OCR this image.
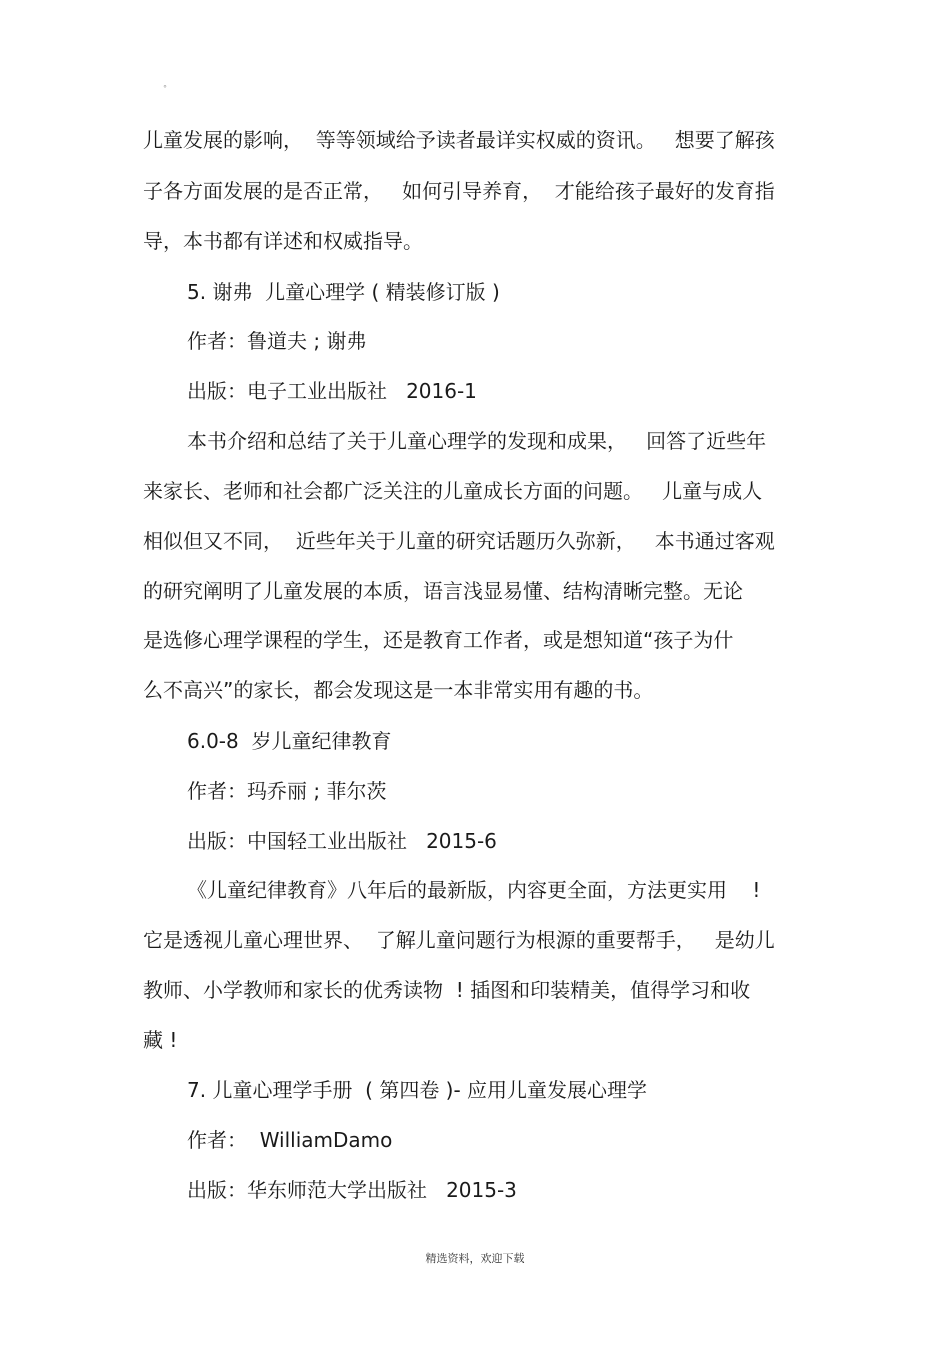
°
儿童发展的影响，  等等领域给予读者最详实权威的资讯。   想要了解孩
子各方面发展的是否正常，   如何引导养育，  才能给孩子最好的发育指
导，本书都有详述和权威指导。
5. 谢弗  儿童心理学 ( 精装修订版 )
作者：鲁道夫 ; 谢弗
出版：电子工业出版社   2016-1
本书介绍和总结了关于儿童心理学的发现和成果，   回答了近些年
来家长、老师和社会都广泛关注的儿童成长方面的问题。   儿童与成人
相似但又不同，  近些年关于儿童的研究话题历久弥新，   本书通过客观
的研究阐明了儿童发展的本质，语言浅显易懂、结构清晰完整。无论
是选修心理学课程的学生，还是教育工作者，或是想知道“孩子为什
么不高兴”的家长，都会发现这是一本非常实用有趣的书。
6.0-8  岁儿童纪律教育
作者：玛乔丽 ; 菲尔茨
出版：中国轻工业出版社   2015-6
《儿童纪律教育》八年后的最新版，内容更全面，方法更实用    !
它是透视儿童心理世界、  了解儿童问题行为根源的重要帮手，   是幼儿
教师、小学教师和家长的优秀读物  ! 插图和印装精美，值得学习和收
藏 !
7. 儿童心理学手册  ( 第四卷 )- 应用儿童发展心理学
作者：  WilliamDamo
出版：华东师范大学出版社   2015-3
精选资料，欢迎下载
